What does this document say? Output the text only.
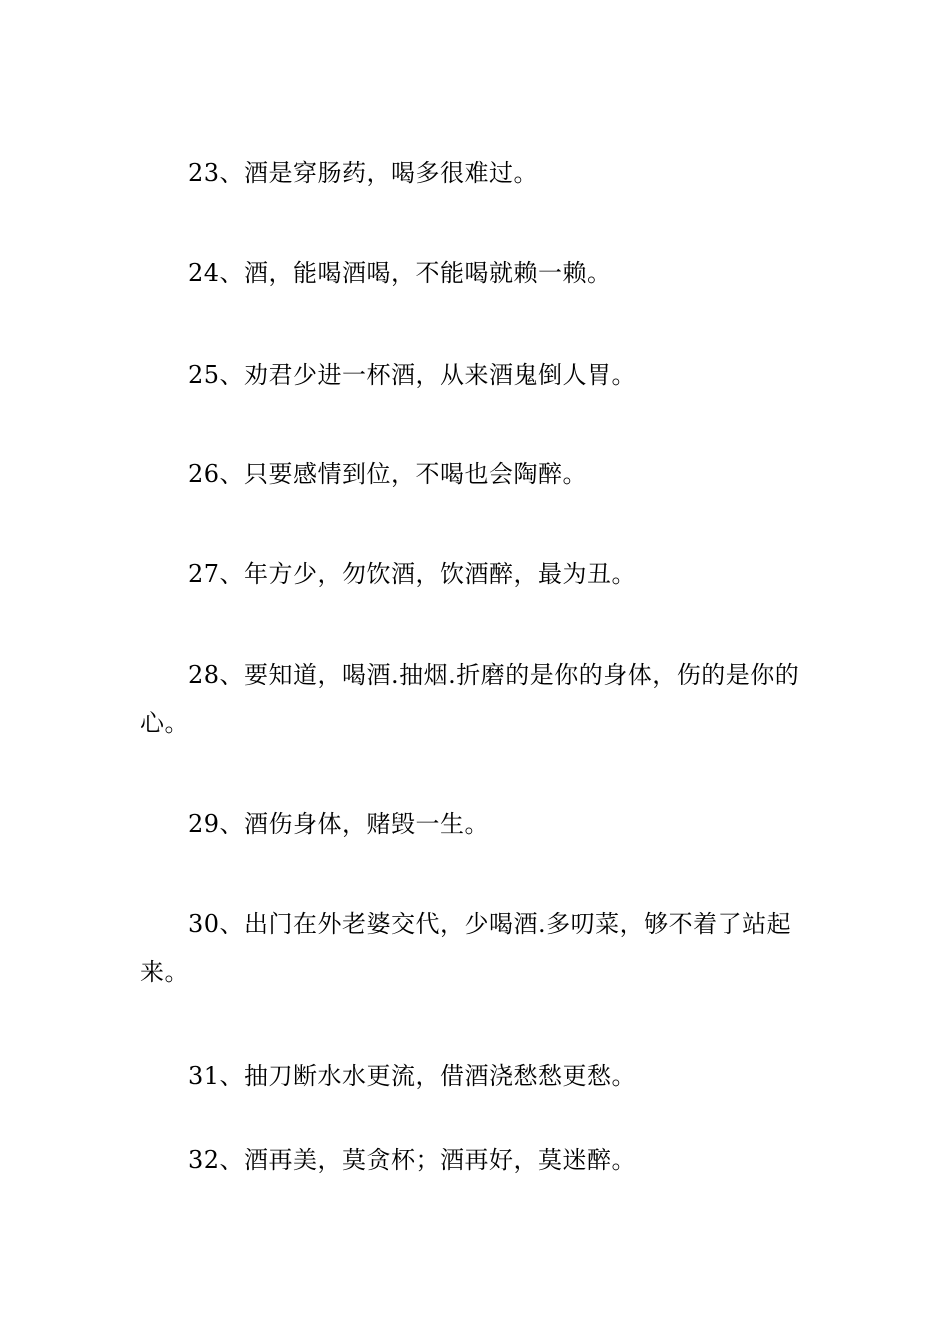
23、酒是穿肠药，喝多很难过。

24、酒，能喝酒喝，不能喝就赖一赖。

25、劝君少进一杯酒，从来酒鬼倒人胃。

26、只要感情到位，不喝也会陶醉。

27、年方少，勿饮酒，饮酒醉，最为丑。

28、要知道，喝酒.抽烟.折磨的是你的身体，伤的是你的心。

29、酒伤身体，赌毁一生。

30、出门在外老婆交代，少喝酒.多叨菜，够不着了站起来。

31、抽刀断水水更流，借酒浇愁愁更愁。

32、酒再美，莫贪杯；酒再好，莫迷醉。
